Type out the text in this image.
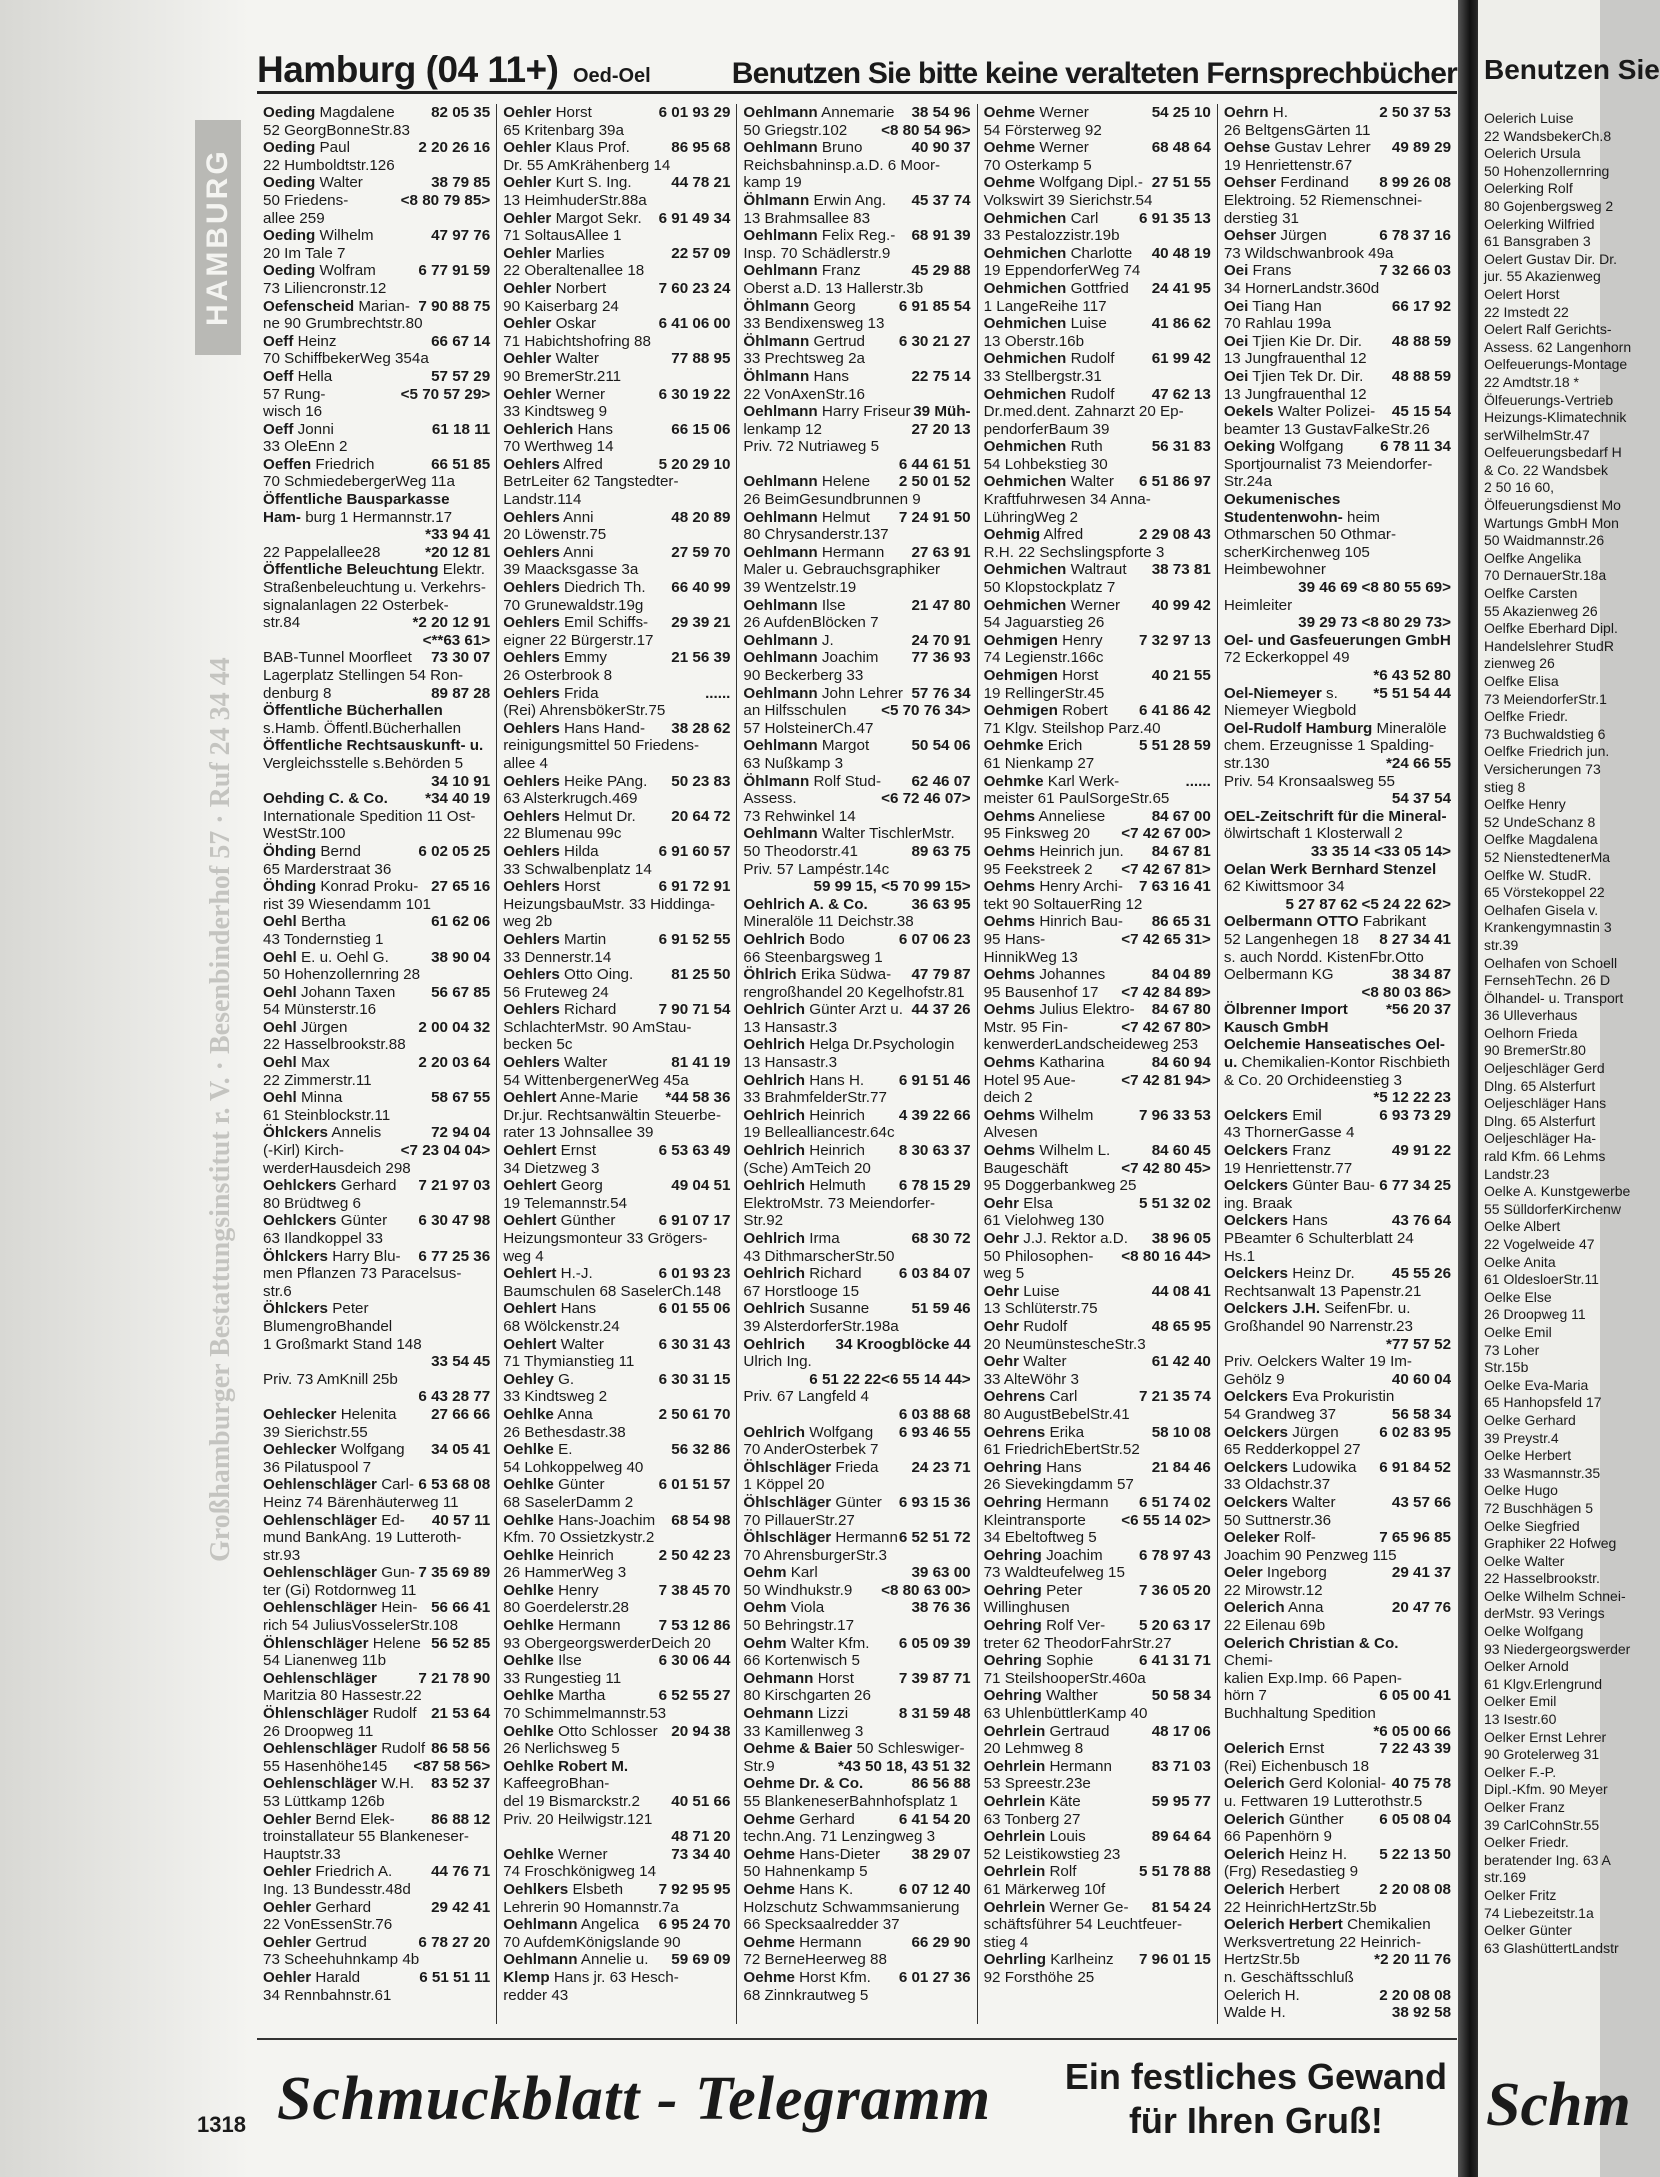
HAMBURG
Großhamburger Bestattungsinstitut r. V. · Besenbinderhof 57 · Ruf 24 34 44
Hamburg (04 11+) Oed-Oel	Benutzen Sie bitte keine veralteten Fernsprechbücher
Oeding Magdalene 82 05 35
52 GeorgBonneStr.83
Oeding Paul	2 20 26 16
22 Humboldtstr.126
Oeding Walter	38 79 85
50 Friedens-	<8 80 79 85>
allee 259
Oeding Wilhelm	47 97 76
20 Im Tale 7
Oeding Wolfram	6 77 91 59
73 Liliencronstr.12
Oefenscheid Marian- 7 90 88 75
ne 90 Grumbrechtstr.80
Oeff Heinz	66 67 14
70 SchiffbekerWeg 354a
Oeff Hella	57 57 29
57 Rung-	<5 70 57 29>
wisch 16
Oeff Jonni	61 18 11
33 OleEnn 2
Oeffen Friedrich	66 51 85
70 SchmiedebergerWeg 11a
Öffentliche Bausparkasse Ham- burg 1 Hermannstr.17
*33 94 41
22 Pappelallee28	*20 12 81
Öffentliche Beleuchtung Elektr.
Straßenbeleuchtung u. Verkehrs-
signalanlagen 22 Osterbek-
str.84	*2 20 12 91
<**63 61>
BAB-Tunnel Moorfleet 73 30 07
Lagerplatz Stellingen 54 Ron-
denburg 8	89 87 28
Öffentliche Bücherhallen s.Hamb. Öffentl.Bücherhallen
Öffentliche Rechtsauskunft- u. Vergleichsstelle s.Behörden 5
34 10 91
Oehding C. & Co. *34 40 19
Internationale Spedition 11 Ost-
WestStr.100
Öhding Bernd	6 02 05 25
65 Marderstraat 36
Öhding Konrad Proku- 27 65 16
rist 39 Wiesendamm 101
Oehl Bertha	61 62 06
43 Tondernstieg 1
Oehl E. u. Oehl G.	38 90 04
50 Hohenzollernring 28
Oehl Johann Taxen 56 67 85
54 Münsterstr.16
Oehl Jürgen	2 00 04 32
22 Hasselbrookstr.88
Oehl Max	2 20 03 64
22 Zimmerstr.11
Oehl Minna	58 67 55
61 Steinblockstr.11
Öhlckers Annelis	72 94 04
(-Kirl) Kirch-	<7 23 04 04>
werderHausdeich 298
Oehlckers Gerhard 7 21 97 03
80 Brüdtweg 6
Oehlckers Günter 6 30 47 98
63 Ilandkoppel 33
Öhlckers Harry Blu- 6 77 25 36
men Pflanzen 73 Paracelsus-
str.6
Öhlckers Peter BlumengroBhandel
1 Großmarkt Stand 148
33 54 45
Priv. 73 AmKnill 25b
6 43 28 77
Oehlecker Helenita 27 66 66
39 Sierichstr.55
Oehlecker Wolfgang 34 05 41
36 Pilatuspool 7
Oehlenschläger Carl- 6 53 68 08
Heinz 74 Bärenhäuterweg 11
Oehlenschläger Ed- 40 57 11
mund BankAng. 19 Lutteroth-
str.93
Oehlenschläger Gun- 7 35 69 89
ter (Gi) Rotdornweg 11
Oehlenschläger Hein- 56 66 41
rich 54 JuliusVosselerStr.108
Öhlenschläger Helene 56 52 85
54 Lianenweg 11b
Oehlenschläger	7 21 78 90
Maritzia 80 Hassestr.22
Öhlenschläger Rudolf 21 53 64
26 Droopweg 11
Oehlenschläger Rudolf 86 58 56
55 Hasenhöhe145 <87 58 56>
Oehlenschläger W.H. 83 52 37
53 Lüttkamp 126b
Oehler Bernd Elek- 86 88 12
troinstallateur 55 Blankeneser-
Hauptstr.33
Oehler Friedrich A.	44 76 71
Ing. 13 Bundesstr.48d
Oehler Gerhard	29 42 41
22 VonEssenStr.76
Oehler Gertrud	6 78 27 20
73 Scheehuhnkamp 4b
Oehler Harald	6 51 51 11
34 Rennbahnstr.61
Oehler Horst	6 01 93 29
65 Kritenbarg 39a
Oehler Klaus Prof.	86 95 68
Dr. 55 AmKrähenberg 14
Oehler Kurt S. Ing.	44 78 21
13 HeimhuderStr.88a
Oehler Margot Sekr. 6 91 49 34
71 SoltausAllee 1
Oehler Marlies	22 57 09
22 Oberaltenallee 18
Oehler Norbert	7 60 23 24
90 Kaiserbarg 24
Oehler Oskar	6 41 06 00
71 Habichtshofring 88
Oehler Walter	77 88 95
90 BremerStr.211
Oehler Werner	6 30 19 22
33 Kindtsweg 9
Oehlerich Hans	66 15 06
70 Werthweg 14
Oehlers Alfred	5 20 29 10
BetrLeiter 62 Tangstedter-
Landstr.114
Oehlers Anni	48 20 89
20 Löwenstr.75
Oehlers Anni	27 59 70
39 Maacksgasse 3a
Oehlers Diedrich Th. 66 40 99
70 Grunewaldstr.19g
Oehlers Emil Schiffs- 29 39 21
eigner 22 Bürgerstr.17
Oehlers Emmy	21 56 39
26 Osterbrook 8
Oehlers Frida	......
(Rei) AhrensbökerStr.75
Oehlers Hans Hand- 38 28 62
reinigungsmittel 50 Friedens-
allee 4
Oehlers Heike PAng. 50 23 83
63 Alsterkrugch.469
Oehlers Helmut Dr. 20 64 72
22 Blumenau 99c
Oehlers Hilda	6 91 60 57
33 Schwalbenplatz 14
Oehlers Horst	6 91 72 91
HeizungsbauMstr. 33 Hiddinga-
weg 2b
Oehlers Martin	6 91 52 55
33 Dennerstr.14
Oehlers Otto Oing.	81 25 50
56 Fruteweg 24
Oehlers Richard	7 90 71 54
SchlachterMstr. 90 AmStau-
becken 5c
Oehlers Walter	81 41 19
54 WittenbergenerWeg 45a
Oehlert Anne-Marie *44 58 36
Dr.jur. Rechtsanwältin Steuerbe-
rater 13 Johnsallee 39
Oehlert Ernst	6 53 63 49
34 Dietzweg 3
Oehlert Georg	49 04 51
19 Telemannstr.54
Oehlert Günther	6 91 07 17
Heizungsmonteur 33 Grögers-
weg 4
Oehlert H.-J.	6 01 93 23
Baumschulen 68 SaselerCh.148
Oehlert Hans	6 01 55 06
68 Wölckenstr.24
Oehlert Walter	6 30 31 43
71 Thymianstieg 11
Oehley G.	6 30 31 15
33 Kindtsweg 2
Oehlke Anna	2 50 61 70
26 Bethesdastr.38
Oehlke E.	56 32 86
54 Lohkoppelweg 40
Oehlke Günter	6 01 51 57
68 SaselerDamm 2
Oehlke Hans-Joachim 68 54 98
Kfm. 70 Ossietzkystr.2
Oehlke Heinrich	2 50 42 23
26 HammerWeg 3
Oehlke Henry	7 38 45 70
80 Goerdelerstr.28
Oehlke Hermann	7 53 12 86
93 ObergeorgswerderDeich 20
Oehlke Ilse	6 30 06 44
33 Rungestieg 11
Oehlke Martha	6 52 55 27
70 Schimmelmannstr.53
Oehlke Otto Schlosser 20 94 38
26 Nerlichsweg 5
Oehlke Robert M. KaffeegroBhan-
del 19 Bismarckstr.2 40 51 66
Priv. 20 Heilwigstr.121
48 71 20
Oehlke Werner	73 34 40
74 Froschkönigweg 14
Oehlkers Elsbeth 7 92 95 95
Lehrerin 90 Homannstr.7a
Oehlmann Angelica 6 95 24 70
70 AufdemKönigslande 90
Oehlmann Annelie u. 59 69 09
Klemp Hans jr. 63 Hesch-
redder 43
Oehlmann Annemarie 38 54 96
50 Griegstr.102 <8 80 54 96>
Oehlmann Bruno	40 90 37
Reichsbahninsp.a.D. 6 Moor-
kamp 19
Öhlmann Erwin Ang. 45 37 74
13 Brahmsallee 83
Oehlmann Felix Reg.- 68 91 39
Insp. 70 Schädlerstr.9
Oehlmann Franz	45 29 88
Oberst a.D. 13 Hallerstr.3b
Öhlmann Georg	6 91 85 54
33 Bendixensweg 13
Öhlmann Gertrud 6 30 21 27
33 Prechtsweg 2a
Öhlmann Hans	22 75 14
22 VonAxenStr.16
Oehlmann Harry Friseur 39 Müh-
lenkamp 12	27 20 13
Priv. 72 Nutriaweg 5
6 44 61 51
Oehlmann Helene 2 50 01 52
26 BeimGesundbrunnen 9
Oehlmann Helmut 7 24 91 50
80 Chrysanderstr.137
Oehlmann Hermann 27 63 91
Maler u. Gebrauchsgraphiker
39 Wentzelstr.19
Oehlmann Ilse	21 47 80
26 AufdenBlöcken 7
Oehlmann J.	24 70 91
Oehlmann Joachim 77 36 93
90 Beckerberg 33
Oehlmann John Lehrer 57 76 34
an Hilfsschulen <5 70 76 34>
57 HolsteinerCh.47
Oehlmann Margot	50 54 06
63 Nußkamp 3
Öhlmann Rolf Stud- 62 46 07
Assess.	<6 72 46 07>
73 Rehwinkel 14
Oehlmann Walter TischlerMstr.
50 Theodorstr.41	89 63 75
Priv. 57 Lampéstr.14c
59 99 15, <5 70 99 15>
Oehlrich A. & Co.	36 63 95
Mineralöle 11 Deichstr.38
Oehlrich Bodo	6 07 06 23
66 Steenbargsweg 1
Öhlrich Erika Südwa- 47 79 87
rengroßhandel 20 Kegelhofstr.81
Oehlrich Günter Arzt u. 44 37 26
13 Hansastr.3
Oehlrich Helga Dr.Psychologin
13 Hansastr.3
Oehlrich Hans H. 6 91 51 46
33 BrahmfelderStr.77
Oehlrich Heinrich 4 39 22 66
19 Bellealliancestr.64c
Oehlrich Heinrich 8 30 63 37
(Sche) AmTeich 20
Oehlrich Helmuth 6 78 15 29
ElektroMstr. 73 Meiendorfer-
Str.92
Oehlrich Irma	68 30 72
43 DithmarscherStr.50
Oehlrich Richard 6 03 84 07
67 Horstlooge 15
Oehlrich Susanne	51 59 46
39 AlsterdorferStr.198a
Oehlrich Ulrich Ing.
34 Kroogblöcke 44
6 51 22 22<6 55 14 44>
Priv. 67 Langfeld 4
6 03 88 68
Oehlrich Wolfgang 6 93 46 55
70 AnderOsterbek 7
Öhlschläger Frieda 24 23 71
1 Köppel 20
Öhlschläger Günter 6 93 15 36
70 PillauerStr.27
Öhlschläger Hermann 6 52 51 72
70 AhrensburgerStr.3
Oehm Karl	39 63 00
50 Windhukstr.9 <8 80 63 00>
Oehm Viola	38 76 36
50 Behringstr.17
Oehm Walter Kfm. 6 05 09 39
66 Kortenwisch 5
Oehmann Horst	7 39 87 71
80 Kirschgarten 26
Oehmann Lizzi	8 31 59 48
33 Kamillenweg 3
Oehme & Baier 50 Schleswiger-
Str.9	*43 50 18, 43 51 32
Oehme Dr. & Co.	86 56 88
55 BlankeneserBahnhofsplatz 1
Oehme Gerhard	6 41 54 20
techn.Ang. 71 Lenzingweg 3
Oehme Hans-Dieter 38 29 07
50 Hahnenkamp 5
Oehme Hans K.	6 07 12 40
Holzschutz Schwammsanierung
66 Specksaalredder 37
Oehme Hermann	66 29 90
72 BerneHeerweg 88
Oehme Horst Kfm. 6 01 27 36
68 Zinnkrautweg 5
Oehme Werner	54 25 10
54 Försterweg 92
Oehme Werner	68 48 64
70 Osterkamp 5
Oehme Wolfgang Dipl.- 27 51 55
Volkswirt 39 Sierichstr.54
Oehmichen Carl	6 91 35 13
33 Pestalozzistr.19b
Oehmichen Charlotte 40 48 19
19 EppendorferWeg 74
Oehmichen Gottfried 24 41 95
1 LangeReihe 117
Oehmichen Luise	41 86 62
13 Oberstr.16b
Oehmichen Rudolf 61 99 42
33 Stellbergstr.31
Oehmichen Rudolf 47 62 13
Dr.med.dent. Zahnarzt 20 Ep-
pendorferBaum 39
Oehmichen Ruth	56 31 83
54 Lohbekstieg 30
Oehmichen Walter 6 51 86 97
Kraftfuhrwesen 34 Anna-
LühringWeg 2
Oehmig Alfred	2 29 08 43
R.H. 22 Sechslingspforte 3
Oehmichen Waltraut 38 73 81
50 Klopstockplatz 7
Oehmichen Werner 40 99 42
54 Jaguarstieg 26
Oehmigen Henry 7 32 97 13
74 Legienstr.166c
Oehmigen Horst	40 21 55
19 RellingerStr.45
Oehmigen Robert 6 41 86 42
71 Klgv. Steilshop Parz.40
Oehmke Erich	5 51 28 59
61 Nienkamp 27
Oehmke Karl Werk-	......
meister 61 PaulSorgeStr.65
Oehms Anneliese	84 67 00
95 Finksweg 20 <7 42 67 00>
Oehms Heinrich jun. 84 67 81
95 Feekstreek 2 <7 42 67 81>
Oehms Henry Archi- 7 63 16 41
tekt 90 SoltauerRing 12
Oehms Hinrich Bau- 86 65 31
95 Hans-	<7 42 65 31>
HinnikWeg 13
Oehms Johannes	84 04 89
95 Bausenhof 17 <7 42 84 89>
Oehms Julius Elektro- 84 67 80
Mstr. 95 Fin-	<7 42 67 80>
kenwerderLandscheideweg 253
Oehms Katharina	84 60 94
Hotel 95 Aue-	<7 42 81 94>
deich 2
Oehms Wilhelm	7 96 33 53
Alvesen
Oehms Wilhelm L.	84 60 45
Baugeschäft	<7 42 80 45>
95 Doggerbankweg 25
Oehr Elsa	5 51 32 02
61 Vielohweg 130
Oehr J.J. Rektor a.D. 38 96 05
50 Philosophen- <8 80 16 44>
weg 5
Oehr Luise	44 08 41
13 Schlüterstr.75
Oehr Rudolf	48 65 95
20 NeumünstescheStr.3
Oehr Walter	61 42 40
33 AlteWöhr 3
Oehrens Carl	7 21 35 74
80 AugustBebelStr.41
Oehrens Erika	58 10 08
61 FriedrichEbertStr.52
Oehring Hans	21 84 46
26 Sievekingdamm 57
Oehring Hermann 6 51 74 02
Kleintransporte <6 55 14 02>
34 Ebeltoftweg 5
Oehring Joachim 6 78 97 43
73 Waldteufelweg 15
Oehring Peter	7 36 05 20
Willinghusen
Oehring Rolf Ver- 5 20 63 17
treter 62 TheodorFahrStr.27
Oehring Sophie	6 41 31 71
71 SteilshooperStr.460a
Oehring Walther	50 58 34
63 UhlenbüttlerKamp 40
Oehrlein Gertraud	48 17 06
20 Lehmweg 8
Oehrlein Hermann	83 71 03
53 Spreestr.23e
Oehrlein Käte	59 95 77
63 Tonberg 27
Oehrlein Louis	89 64 64
52 Leistikowstieg 23
Oehrlein Rolf	5 51 78 88
61 Märkerweg 10f
Oehrlein Werner Ge- 81 54 24
schäftsführer 54 Leuchtfeuer-
stieg 4
Oehrling Karlheinz 7 96 01 15
92 Forsthöhe 25
Oehrn H.	2 50 37 53
26 BeltgensGärten 11
Oehse Gustav Lehrer 49 89 29
19 Henriettenstr.67
Oehser Ferdinand 8 99 26 08
Elektroing. 52 Riemenschnei-
derstieg 31
Oehser Jürgen	6 78 37 16
73 Wildschwanbrook 49a
Oei Frans	7 32 66 03
34 HornerLandstr.360d
Oei Tiang Han	66 17 92
70 Rahlau 199a
Oei Tjien Kie Dr. Dir. 48 88 59
13 Jungfrauenthal 12
Oei Tjien Tek Dr. Dir. 48 88 59
13 Jungfrauenthal 12
Oekels Walter Polizei- 45 15 54
beamter 13 GustavFalkeStr.26
Oeking Wolfgang 6 78 11 34
Sportjournalist 73 Meiendorfer-
Str.24a
Oekumenisches Studentenwohn- heim Othmarschen 50 Othmar-
scherKirchenweg 105
Heimbewohner
39 46 69 <8 80 55 69>
Heimleiter
39 29 73 <8 80 29 73>
Oel- und Gasfeuerungen GmbH 72 Eckerkoppel 49
*6 43 52 80
Oel-Niemeyer s. *5 51 54 44
Niemeyer Wiegbold
Oel-Rudolf Hamburg Mineralöle
chem. Erzeugnisse 1 Spalding-
str.130	*24 66 55
Priv. 54 Kronsaalsweg 55
54 37 54
OEL-Zeitschrift für die Mineral- ölwirtschaft 1 Klosterwall 2
33 35 14 <33 05 14>
Oelan Werk Bernhard Stenzel 62 Kiwittsmoor 34
5 27 87 62 <5 24 22 62>
Oelbermann OTTO Fabrikant
52 Langenhegen 18 8 27 34 41
s. auch Nordd. KistenFbr.Otto
Oelbermann KG	38 34 87
<8 80 03 86>
Ölbrenner Import Kausch GmbH
*56 20 37
Oelchemie Hanseatisches Oel- u. Chemikalien-Kontor Rischbieth
& Co. 20 Orchideenstieg 3
*5 12 22 23
Oelckers Emil	6 93 73 29
43 ThornerGasse 4
Oelckers Franz	49 91 22
19 Henriettenstr.77
Oelckers Günter Bau- 6 77 34 25
ing. Braak
Oelckers Hans	43 76 64
PBeamter 6 Schulterblatt 24
Hs.1
Oelckers Heinz Dr. 45 55 26
Rechtsanwalt 13 Papenstr.21
Oelckers J.H. SeifenFbr. u.
Großhandel 90 Narrenstr.23
*77 57 52
Priv. Oelckers Walter 19 Im-
Gehölz 9	40 60 04
Oelckers Eva Prokuristin
54 Grandweg 37	56 58 34
Oelckers Jürgen	6 02 83 95
65 Redderkoppel 27
Oelckers Ludowika 6 91 84 52
33 Oldachstr.37
Oelckers Walter	43 57 66
50 Suttnerstr.36
Oeleker Rolf-	7 65 96 85
Joachim 90 Penzweg 115
Oeler Ingeborg	29 41 37
22 Mirowstr.12
Oelerich Anna	20 47 76
22 Eilenau 69b
Oelerich Christian & Co. Chemi-
kalien Exp.Imp. 66 Papen-
hörn 7	6 05 00 41
Buchhaltung Spedition
*6 05 00 66
Oelerich Ernst	7 22 43 39
(Rei) Eichenbusch 18
Oelerich Gerd Kolonial- 40 75 78
u. Fettwaren 19 Lutterothstr.5
Oelerich Günther 6 05 08 04
66 Papenhörn 9
Oelerich Heinz H. 5 22 13 50
(Frg) Resedastieg 9
Oelerich Herbert	2 20 08 08
22 HeinrichHertzStr.5b
Oelerich Herbert Chemikalien
Werksvertretung 22 Heinrich-
HertzStr.5b	*2 20 11 76
n. Geschäftsschluß
Oelerich H.	2 20 08 08
Walde H.	38 92 58
1318 Schmuckblatt - Telegramm Ein festliches Gewand
für Ihren Gruß!
Benutzen Sie
Oelerich Luise
22 WandsbekerCh.8
Oelerich Ursula
50 Hohenzollernring
Oelerking Rolf
80 Gojenbergsweg 2
Oelerking Wilfried
61 Bansgraben 3
Oelert Gustav Dir. Dr.
jur. 55 Akazienweg
Oelert Horst
22 Imstedt 22
Oelert Ralf Gerichts-
Assess. 62 Langenhorn
Oelfeuerungs-Montage
22 Amdtstr.18 *
Ölfeuerungs-Vertrieb
Heizungs-Klimatechnik
serWilhelmStr.47
Oelfeuerungsbedarf H
& Co. 22 Wandsbek
2 50 16 60,
Ölfeuerungsdienst Mo
Wartungs GmbH Mon
50 Waidmannstr.26
Oelfke Angelika
70 DernauerStr.18a
Oelfke Carsten
55 Akazienweg 26
Oelfke Eberhard Dipl.
Handelslehrer StudR
zienweg 26
Oelfke Elisa
73 MeiendorferStr.1
Oelfke Friedr.
73 Buchwaldstieg 6
Oelfke Friedrich jun.
Versicherungen 73
stieg 8
Oelfke Henry
52 UndeSchanz 8
Oelfke Magdalena
52 NienstedtenerMa
Oelfke W. StudR.
65 Vörstekoppel 22
Oelhafen Gisela v.
Krankengymnastin 3
str.39
Oelhafen von Schoell
FernsehTechn. 26 D
Ölhandel- u. Transport
36 Ulleverhaus
Oelhorn Frieda
90 BremerStr.80
Oeljeschläger Gerd
Dlng. 65 Alsterfurt
Oeljeschläger Hans
Dlng. 65 Alsterfurt
Oeljeschläger Ha-
rald Kfm. 66 Lehms
Landstr.23
Oelke A. Kunstgewerbe
55 SülldorferKirchenw
Oelke Albert
22 Vogelweide 47
Oelke Anita
61 OldesloerStr.11
Oelke Else
26 Droopweg 11
Oelke Emil
73 Loher
Str.15b
Oelke Eva-Maria
65 Hanhopsfeld 17
Oelke Gerhard
39 Preystr.4
Oelke Herbert
33 Wasmannstr.35
Oelke Hugo
72 Buschhägen 5
Oelke Siegfried
Graphiker 22 Hofweg
Oelke Walter
22 Hasselbrookstr.
Oelke Wilhelm Schnei-
derMstr. 93 Verings
Oelke Wolfgang
93 Niedergeorgswerder
Oelker Arnold
61 Klgv.Erlengrund
Oelker Emil
13 Isestr.60
Oelker Ernst Lehrer
90 Grotelerweg 31
Oelker F.-P.
Dipl.-Kfm. 90 Meyer
Oelker Franz
39 CarlCohnStr.55
Oelker Friedr.
beratender Ing. 63 A
str.169
Oelker Fritz
74 Liebezeitstr.1a
Oelker Günter
63 GlashüttertLandstr
Schm
